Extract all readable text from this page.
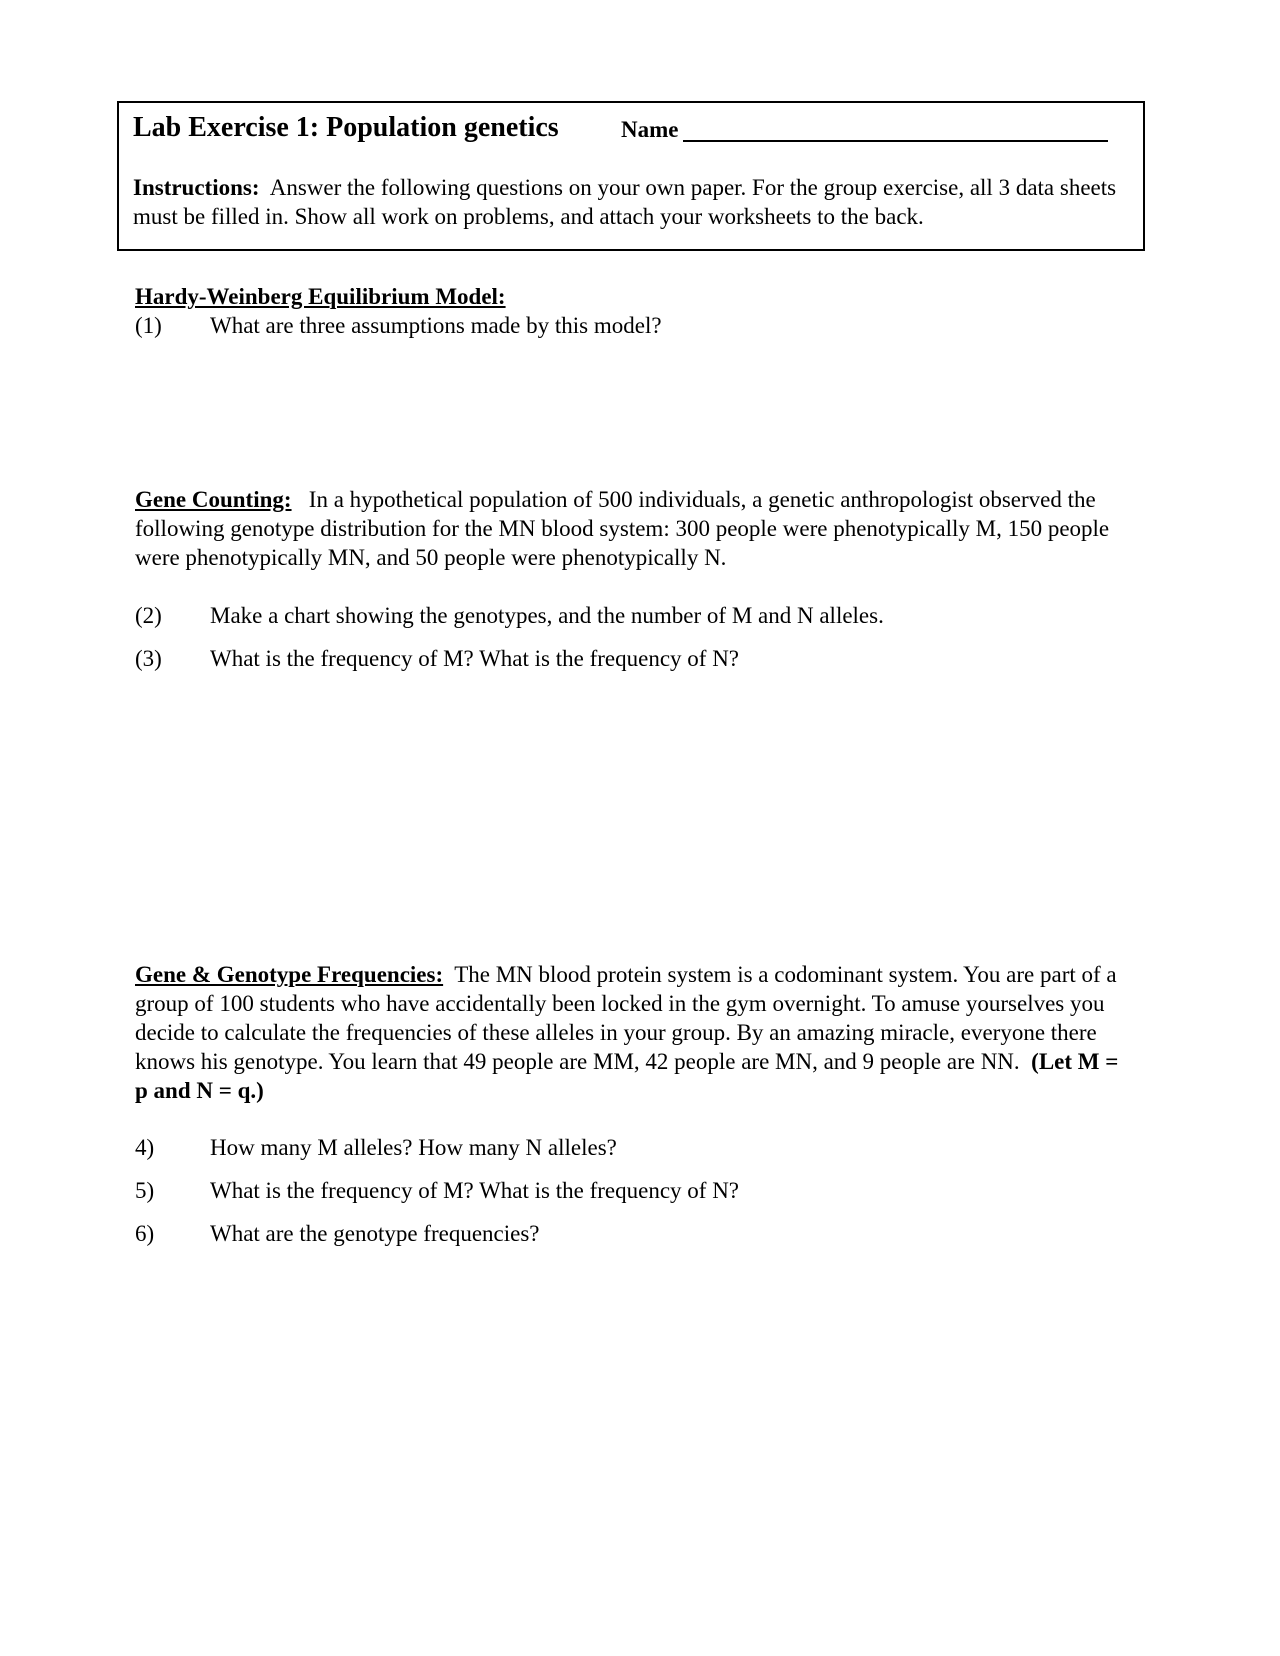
Lab Exercise 1: Population genetics	Name
Instructions: Answer the following questions on your own paper. For the group exercise, all 3 data sheets must be filled in. Show all work on problems, and attach your worksheets to the back.
Hardy-Weinberg Equilibrium Model:
(1) What are three assumptions made by this model?
Gene Counting: In a hypothetical population of 500 individuals, a genetic anthropologist observed the following genotype distribution for the MN blood system: 300 people were phenotypically M, 150 people were phenotypically MN, and 50 people were phenotypically N.
(2) Make a chart showing the genotypes, and the number of M and N alleles.
(3) What is the frequency of M? What is the frequency of N?
Gene & Genotype Frequencies: The MN blood protein system is a codominant system. You are part of a group of 100 students who have accidentally been locked in the gym overnight. To amuse yourselves you decide to calculate the frequencies of these alleles in your group. By an amazing miracle, everyone there knows his genotype. You learn that 49 people are MM, 42 people are MN, and 9 people are NN. (Let M = p and N = q.)
4) How many M alleles? How many N alleles?
5) What is the frequency of M? What is the frequency of N?
6) What are the genotype frequencies?
